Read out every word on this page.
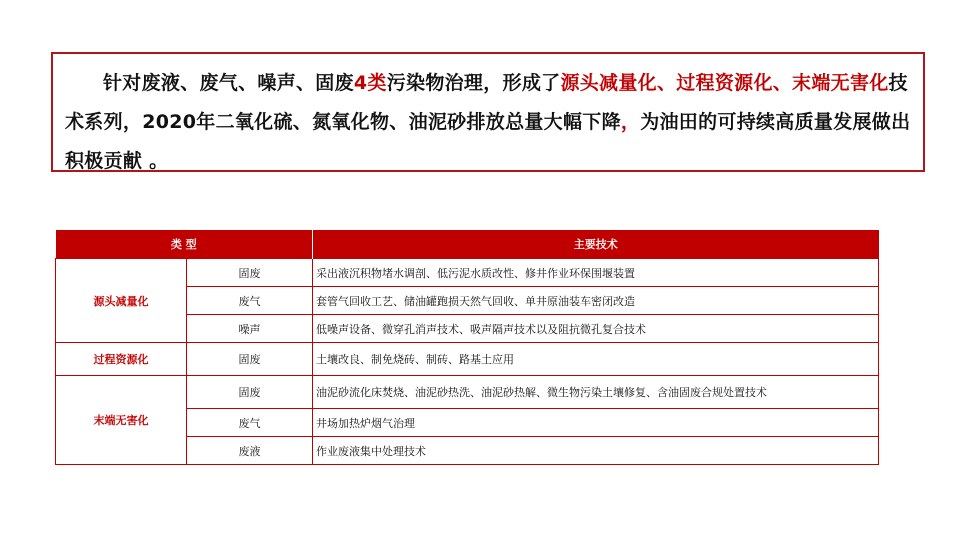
针对废液、废气、噪声、固废4类污染物治理，形成了源头减量化、过程资源化、末端无害化技术系列，2020年二氧化硫、氮氧化物、油泥砂排放总量大幅下降，为油田的可持续高质量发展做出积极贡献 。
类 型		主要技术
源头减量化	固废	采出液沉积物堵水调剖、低污泥水质改性、修井作业环保围堰装置
	废气	套管气回收工艺、储油罐跑损天然气回收、单井原油装车密闭改造
	噪声	低噪声设备、微穿孔消声技术、吸声隔声技术以及阻抗微孔复合技术
过程资源化	固废	土壤改良、制免烧砖、制砖、路基土应用
末端无害化	固废	油泥砂流化床焚烧、油泥砂热洗、油泥砂热解、微生物污染土壤修复、含油固废合规处置技术
	废气	井场加热炉烟气治理
	废液	作业废液集中处理技术
